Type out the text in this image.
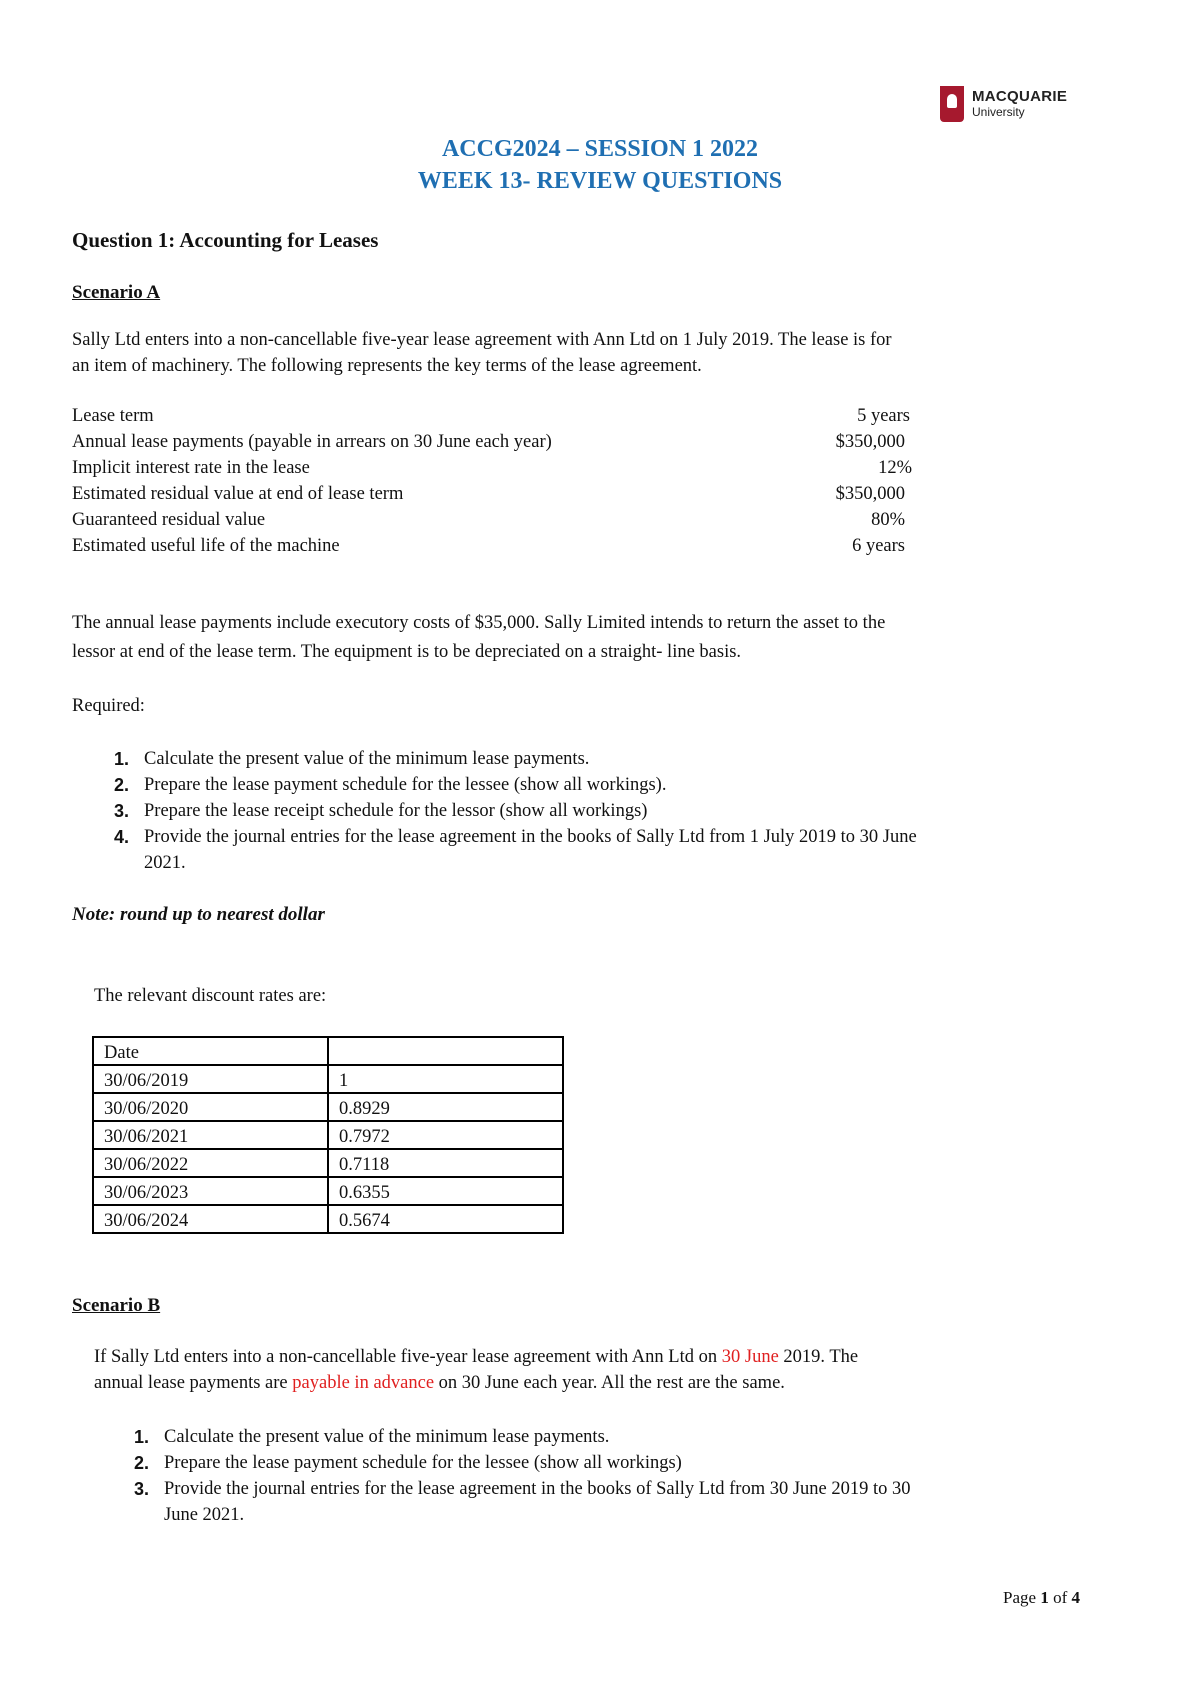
MACQUARIE
University
ACCG2024 – SESSION 1 2022
WEEK 13- REVIEW QUESTIONS
Question 1: Accounting for Leases
Scenario A
Sally Ltd enters into a non-cancellable five-year lease agreement with Ann Ltd on 1 July 2019. The lease is for
an item of machinery. The following represents the key terms of the lease agreement.
Lease term	5 years
Annual lease payments (payable in arrears on 30 June each year)	$350,000
Implicit interest rate in the lease	12%
Estimated residual value at end of lease term	$350,000
Guaranteed residual value	80%
Estimated useful life of the machine	6 years
The annual lease payments include executory costs of $35,000. Sally Limited intends to return the asset to the
lessor at end of the lease term. The equipment is to be depreciated on a straight- line basis.
Required:
1. Calculate the present value of the minimum lease payments.
2. Prepare the lease payment schedule for the lessee (show all workings).
3. Prepare the lease receipt schedule for the lessor (show all workings)
4. Provide the journal entries for the lease agreement in the books of Sally Ltd from 1 July 2019 to 30 June
2021.
Note: round up to nearest dollar
The relevant discount rates are:
Date	
30/06/2019	1
30/06/2020	0.8929
30/06/2021	0.7972
30/06/2022	0.7118
30/06/2023	0.6355
30/06/2024	0.5674
Scenario B
If Sally Ltd enters into a non-cancellable five-year lease agreement with Ann Ltd on 30 June 2019. The
annual lease payments are payable in advance on 30 June each year. All the rest are the same.
1. Calculate the present value of the minimum lease payments.
2. Prepare the lease payment schedule for the lessee (show all workings)
3. Provide the journal entries for the lease agreement in the books of Sally Ltd from 30 June 2019 to 30
June 2021.
Page 1 of 4
